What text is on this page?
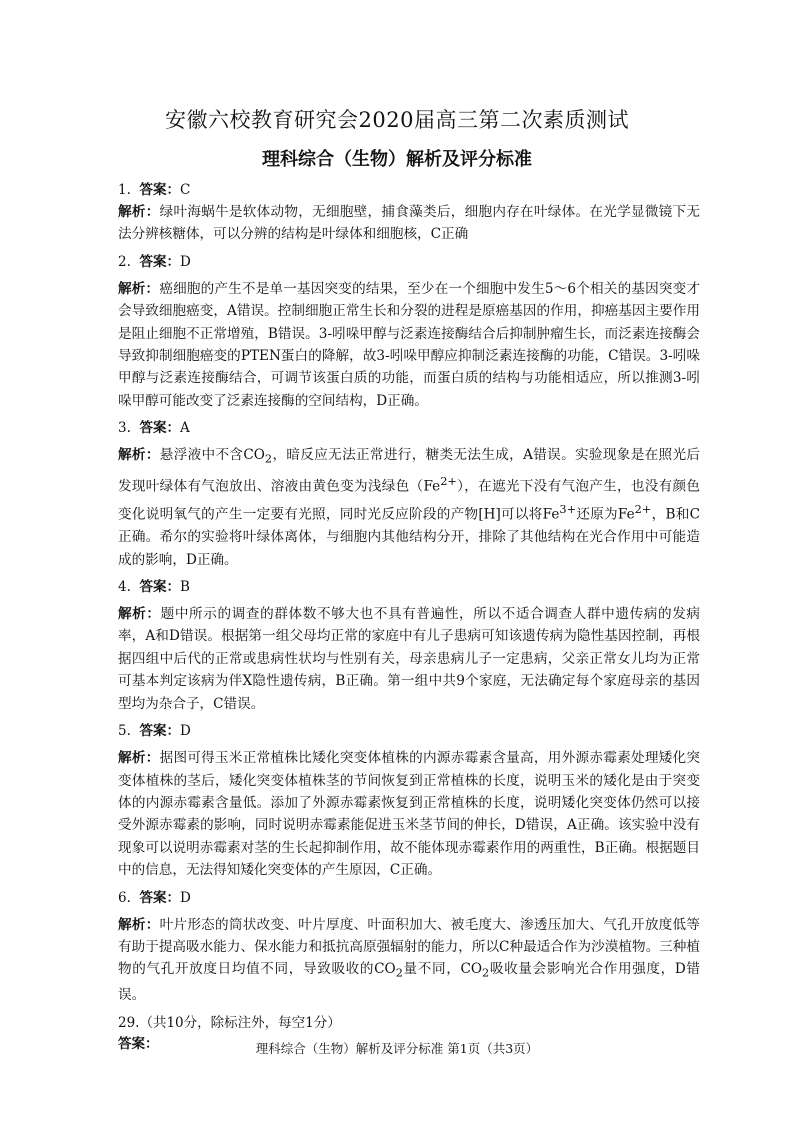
安徽六校教育研究会2020届高三第二次素质测试
理科综合（生物）解析及评分标准
1. 答案：C

解析：绿叶海蜗牛是软体动物，无细胞壁，捕食藻类后，细胞内存在叶绿体。在光学显微镜下无法分辨核糖体，可以分辨的结构是叶绿体和细胞核，C正确

2. 答案：D

解析：癌细胞的产生不是单一基因突变的结果，至少在一个细胞中发生5～6个相关的基因突变才会导致细胞癌变，A错误。控制细胞正常生长和分裂的进程是原癌基因的作用，抑癌基因主要作用是阻止细胞不正常增殖，B错误。3-吲哚甲醇与泛素连接酶结合后抑制肿瘤生长，而泛素连接酶会导致抑制细胞癌变的PTEN蛋白的降解，故3-吲哚甲醇应抑制泛素连接酶的功能，C错误。3-吲哚甲醇与泛素连接酶结合，可调节该蛋白质的功能，而蛋白质的结构与功能相适应，所以推测3-吲哚甲醇可能改变了泛素连接酶的空间结构，D正确。

3. 答案：A

解析：悬浮液中不含$CO_2$，暗反应无法正常进行，糖类无法生成，A错误。实验现象是在照光后发现叶绿体有气泡放出、溶液由黄色变为浅绿色$(Fe^{2+})$，在遮光下没有气泡产生，也没有颜色变化说明氧气的产生一定要有光照，同时光反应阶段的产物[H]可以将$Fe^{3+}$还原为$Fe^{2+}$，B和C正确。希尔的实验将叶绿体离体，与细胞内其他结构分开，排除了其他结构在光合作用中可能造成的影响，D正确。

4. 答案：B

解析：题中所示的调查的群体数不够大也不具有普遍性，所以不适合调查人群中遗传病的发病率，A和D错误。根据第一组父母均正常的家庭中有儿子患病可知该遗传病为隐性基因控制，再根据四组中后代的正常或患病性状均与性别有关，母亲患病儿子一定患病，父亲正常女儿均为正常可基本判定该病为伴X隐性遗传病，B正确。第一组中共9个家庭，无法确定每个家庭母亲的基因型均为杂合子，C错误。

5. 答案：D

解析：据图可得玉米正常植株比矮化突变体植株的内源赤霉素含量高，用外源赤霉素处理矮化突变体植株的茎后，矮化突变体植株茎的节间恢复到正常植株的长度，说明玉米的矮化是由于突变体的内源赤霉素含量低。添加了外源赤霉素恢复到正常植株的长度，说明矮化突变体仍然可以接受外源赤霉素的影响，同时说明赤霉素能促进玉米茎节间的伸长，D错误，A正确。该实验中没有现象可以说明赤霉素对茎的生长起抑制作用，故不能体现赤霉素作用的两重性，B正确。根据题目中的信息，无法得知矮化突变体的产生原因，C正确。

6. 答案：D

解析：叶片形态的筒状改变、叶片厚度、叶面积加大、被毛度大、渗透压加大、气孔开放度低等有助于提高吸水能力、保水能力和抵抗高原强辐射的能力，所以C种最适合作为沙漠植物。三种植物的气孔开放度日均值不同，导致吸收的$CO_2$量不同，$CO_2$吸收量会影响光合作用强度，D错误。

29.（共10分，除标注外，每空1分）

答案：	理科综合（生物）解析及评分标准 第1页（共3页）
